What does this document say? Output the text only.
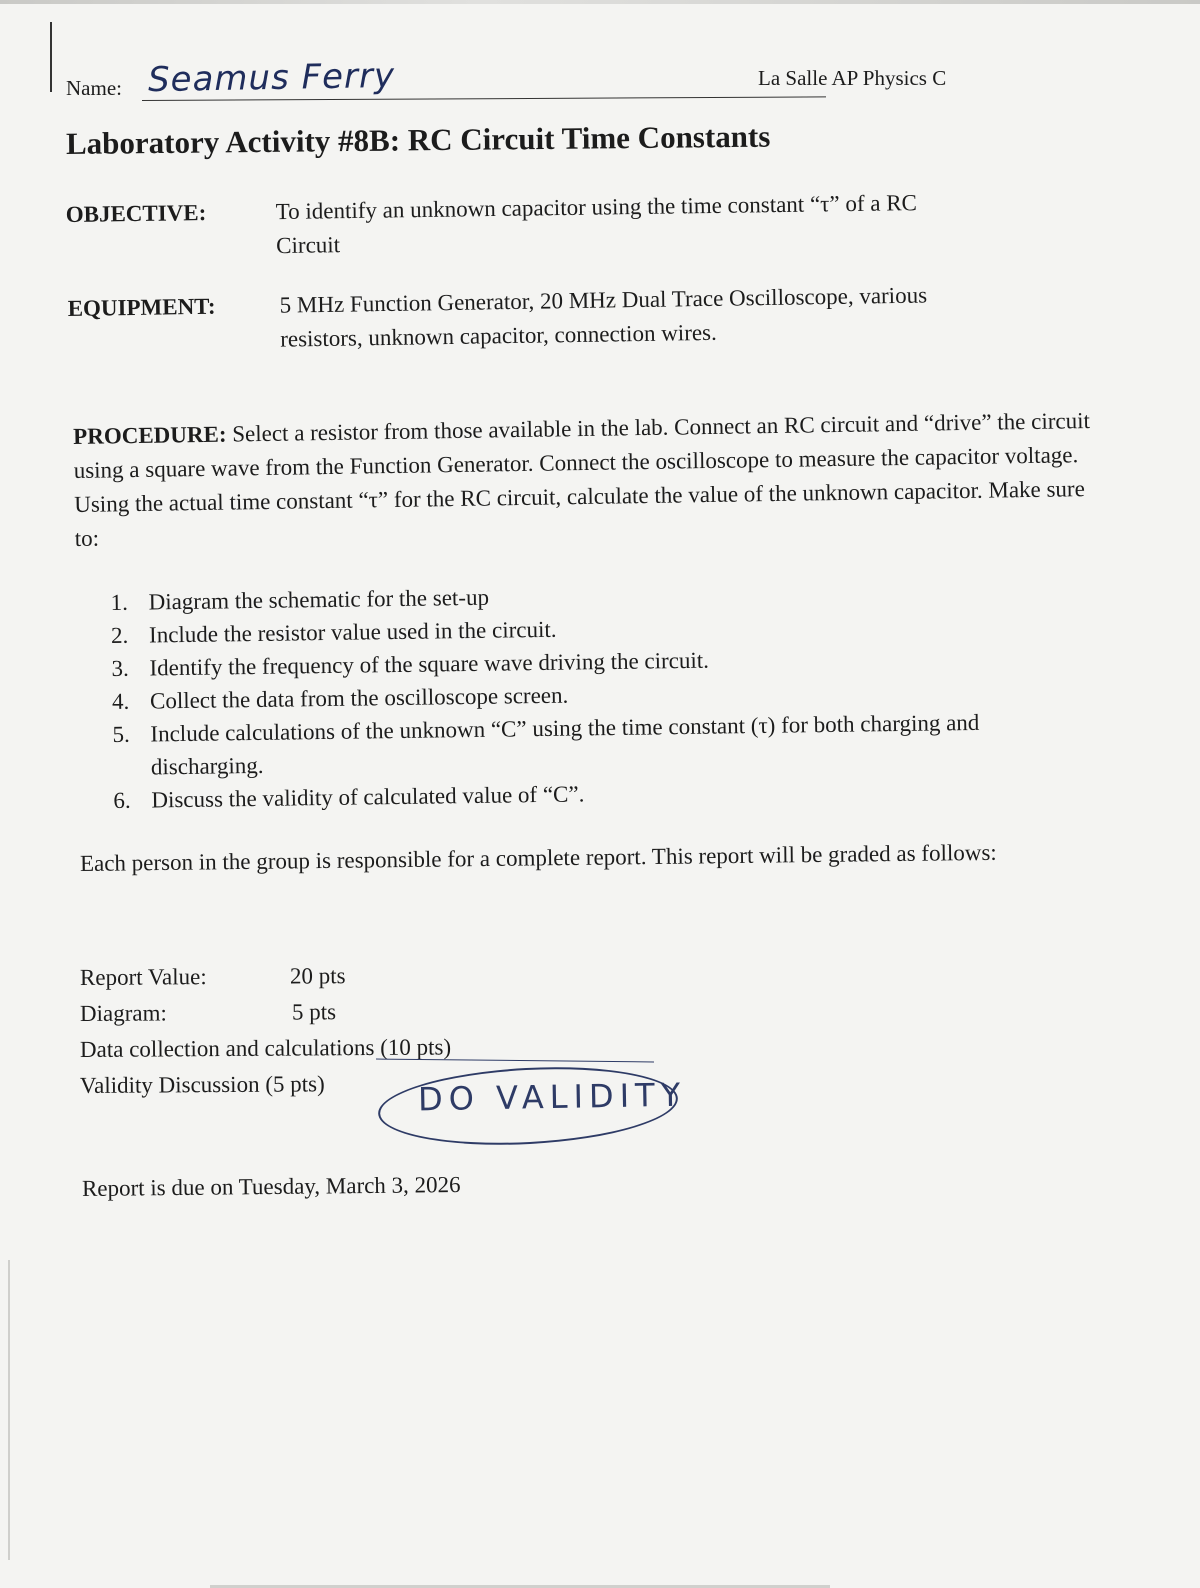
Name: Seamus Ferry	La Salle AP Physics C
Laboratory Activity #8B: RC Circuit Time Constants
OBJECTIVE:	To identify an unknown capacitor using the time constant “τ” of a RC
Circuit
EQUIPMENT:	5 MHz Function Generator, 20 MHz Dual Trace Oscilloscope, various
resistors, unknown capacitor, connection wires.
PROCEDURE: Select a resistor from those available in the lab. Connect an RC circuit and “drive” the circuit using a square wave from the Function Generator. Connect the oscilloscope to measure the capacitor voltage. Using the actual time constant “τ” for the RC circuit, calculate the value of the unknown capacitor. Make sure to:
1. Diagram the schematic for the set-up
2. Include the resistor value used in the circuit.
3. Identify the frequency of the square wave driving the circuit.
4. Collect the data from the oscilloscope screen.
5. Include calculations of the unknown “C” using the time constant (τ) for both charging and discharging.
6. Discuss the validity of calculated value of “C”.
Each person in the group is responsible for a complete report. This report will be graded as follows:
Report Value:	20 pts
Diagram:	5 pts
Data collection and calculations (10 pts)
Validity Discussion (5 pts)	DO VALIDITY
Report is due on Tuesday, March 3, 2026
